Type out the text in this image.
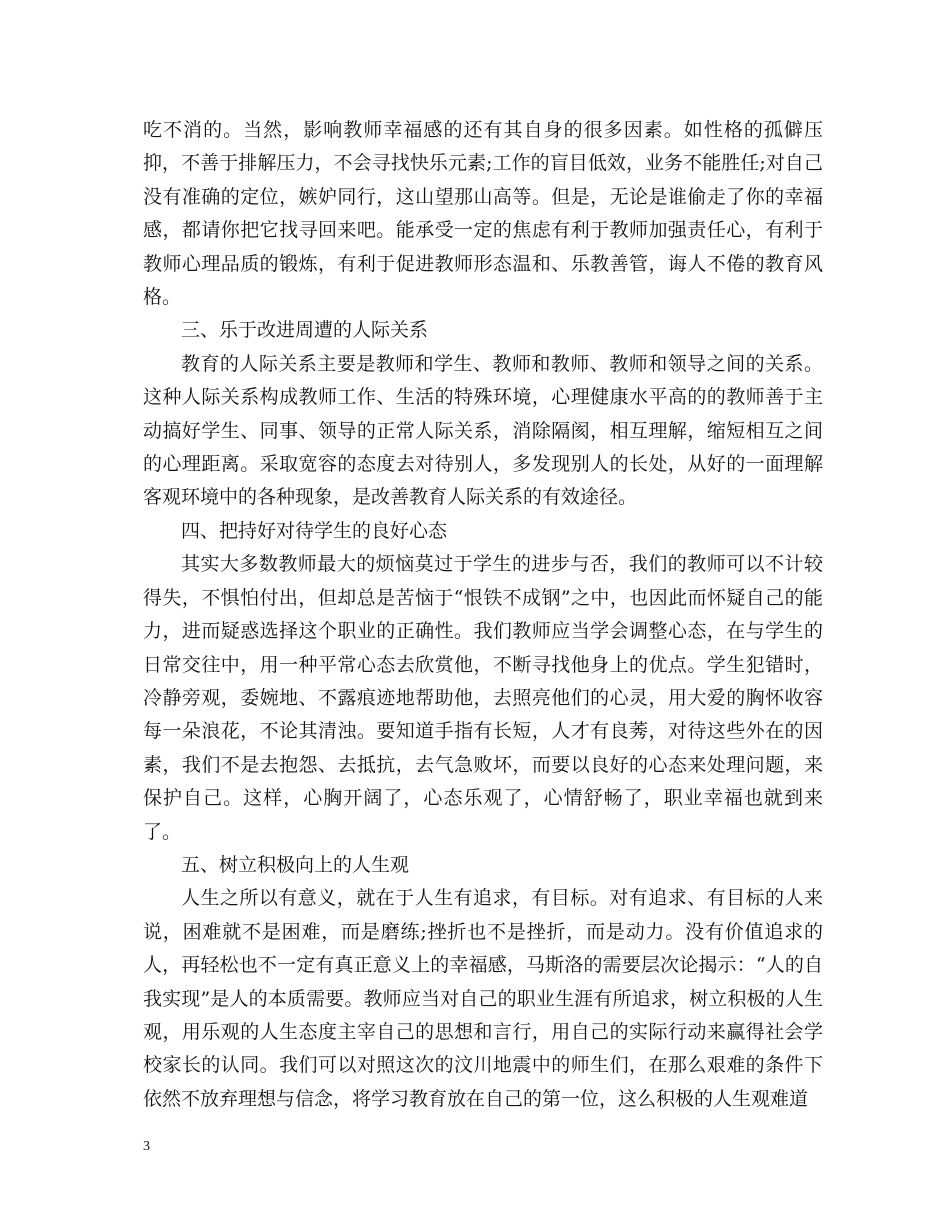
吃不消的。当然，影响教师幸福感的还有其自身的很多因素。如性格的孤僻压抑，不善于排解压力，不会寻找快乐元素;工作的盲目低效，业务不能胜任;对自己没有准确的定位，嫉妒同行，这山望那山高等。但是，无论是谁偷走了你的幸福感，都请你把它找寻回来吧。能承受一定的焦虑有利于教师加强责任心，有利于教师心理品质的锻炼，有利于促进教师形态温和、乐教善管，诲人不倦的教育风格。

三、乐于改进周遭的人际关系

教育的人际关系主要是教师和学生、教师和教师、教师和领导之间的关系。这种人际关系构成教师工作、生活的特殊环境，心理健康水平高的的教师善于主动搞好学生、同事、领导的正常人际关系，消除隔阂，相互理解，缩短相互之间的心理距离。采取宽容的态度去对待别人，多发现别人的长处，从好的一面理解客观环境中的各种现象，是改善教育人际关系的有效途径。

四、把持好对待学生的良好心态

其实大多数教师最大的烦恼莫过于学生的进步与否，我们的教师可以不计较得失，不惧怕付出，但却总是苦恼于“恨铁不成钢”之中，也因此而怀疑自己的能力，进而疑惑选择这个职业的正确性。我们教师应当学会调整心态，在与学生的日常交往中，用一种平常心态去欣赏他，不断寻找他身上的优点。学生犯错时，冷静旁观，委婉地、不露痕迹地帮助他，去照亮他们的心灵，用大爱的胸怀收容每一朵浪花，不论其清浊。要知道手指有长短，人才有良莠，对待这些外在的因素，我们不是去抱怨、去抵抗，去气急败坏，而要以良好的心态来处理问题，来保护自己。这样，心胸开阔了，心态乐观了，心情舒畅了，职业幸福也就到来了。

五、树立积极向上的人生观

人生之所以有意义，就在于人生有追求，有目标。对有追求、有目标的人来说，困难就不是困难，而是磨练;挫折也不是挫折，而是动力。没有价值追求的人，再轻松也不一定有真正意义上的幸福感，马斯洛的需要层次论揭示：“人的自我实现”是人的本质需要。教师应当对自己的职业生涯有所追求，树立积极的人生观，用乐观的人生态度主宰自己的思想和言行，用自己的实际行动来赢得社会学校家长的认同。我们可以对照这次的汶川地震中的师生们，在那么艰难的条件下依然不放弃理想与信念，将学习教育放在自己的第一位，这么积极的人生观难道

3
